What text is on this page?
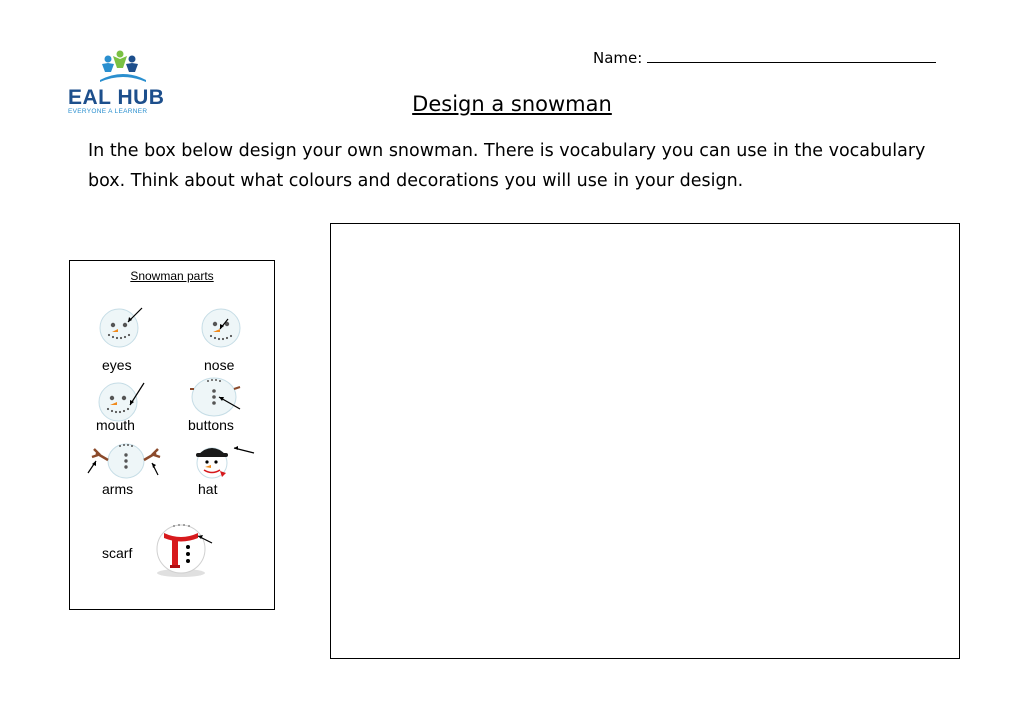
EAL HUB
EVERYONE A LEARNER
Name:
Design a snowman
In the box below design your own snowman. There is vocabulary you can use in the vocabulary box. Think about what colours and decorations you will use in your design.
Snowman parts
eyes	nose
mouth	buttons
arms	hat
scarf
